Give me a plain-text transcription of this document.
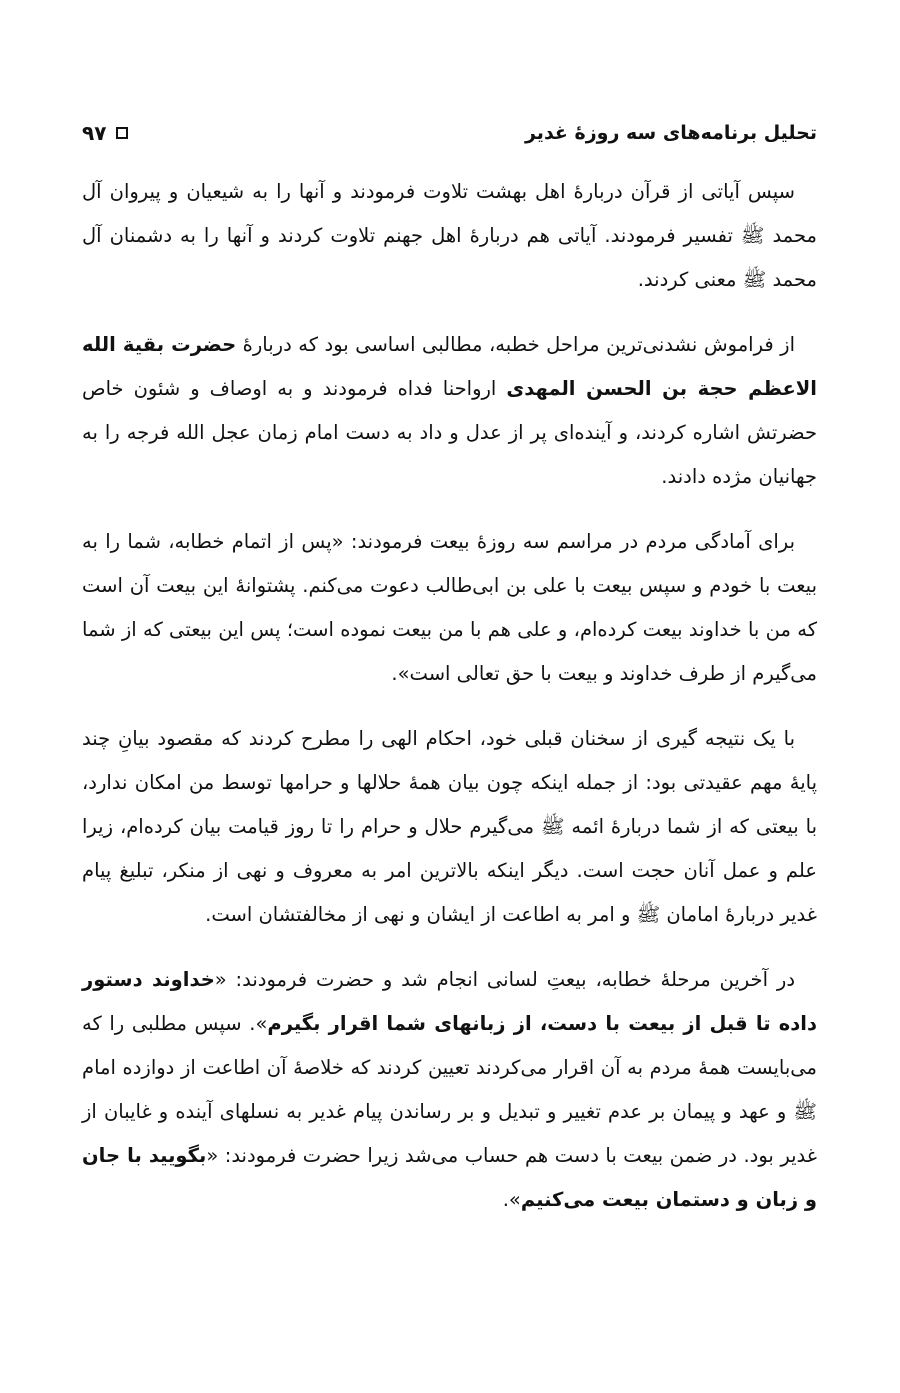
تحلیل برنامه‌های سه روزهٔ غدیر
۹۷

سپس آیاتی از قرآن دربارهٔ اهل بهشت تلاوت فرمودند و آنها را به شیعیان و پیروان آل محمد ﷺ تفسیر فرمودند. آیاتی هم دربارهٔ اهل جهنم تلاوت کردند و آنها را به دشمنان آل محمد ﷺ معنی کردند.

از فراموش نشدنی‌ترین مراحل خطبه، مطالبی اساسی بود که دربارهٔ حضرت بقیة الله الاعظم حجة بن الحسن المهدی ارواحنا فداه فرمودند و به اوصاف و شئون خاص حضرتش اشاره کردند، و آینده‌ای پر از عدل و داد به دست امام زمان عجل الله فرجه را به جهانیان مژده دادند.

برای آمادگی مردم در مراسم سه روزهٔ بیعت فرمودند: «پس از اتمام خطابه، شما را به بیعت با خودم و سپس بیعت با علی بن ابی‌طالب دعوت می‌کنم. پشتوانهٔ این بیعت آن است که من با خداوند بیعت کرده‌ام، و علی هم با من بیعت نموده است؛ پس این بیعتی که از شما می‌گیرم از طرف خداوند و بیعت با حق تعالی است».

با یک نتیجه گیری از سخنان قبلی خود، احکام الهی را مطرح کردند که مقصود بیانِ چند پایهٔ مهم عقیدتی بود: از جمله اینکه چون بیان همهٔ حلالها و حرامها توسط من امکان ندارد، با بیعتی که از شما دربارهٔ ائمه ﷺ می‌گیرم حلال و حرام را تا روز قیامت بیان کرده‌ام، زیرا علم و عمل آنان حجت است. دیگر اینکه بالاترین امر به معروف و نهی از منکر، تبلیغ پیام غدیر دربارهٔ امامان ﷺ و امر به اطاعت از ایشان و نهی از مخالفتشان است.

در آخرین مرحلهٔ خطابه، بیعتِ لسانی انجام شد و حضرت فرمودند: «خداوند دستور داده تا قبل از بیعت با دست، از زبانهای شما اقرار بگیرم». سپس مطلبی را که می‌بایست همهٔ مردم به آن اقرار می‌کردند تعیین کردند که خلاصهٔ آن اطاعت از دوازده امام ﷺ و عهد و پیمان بر عدم تغییر و تبدیل و بر رساندن پیام غدیر به نسلهای آینده و غایبان از غدیر بود. در ضمن بیعت با دست هم حساب می‌شد زیرا حضرت فرمودند: «بگویید با جان و زبان و دستمان بیعت می‌کنیم».
